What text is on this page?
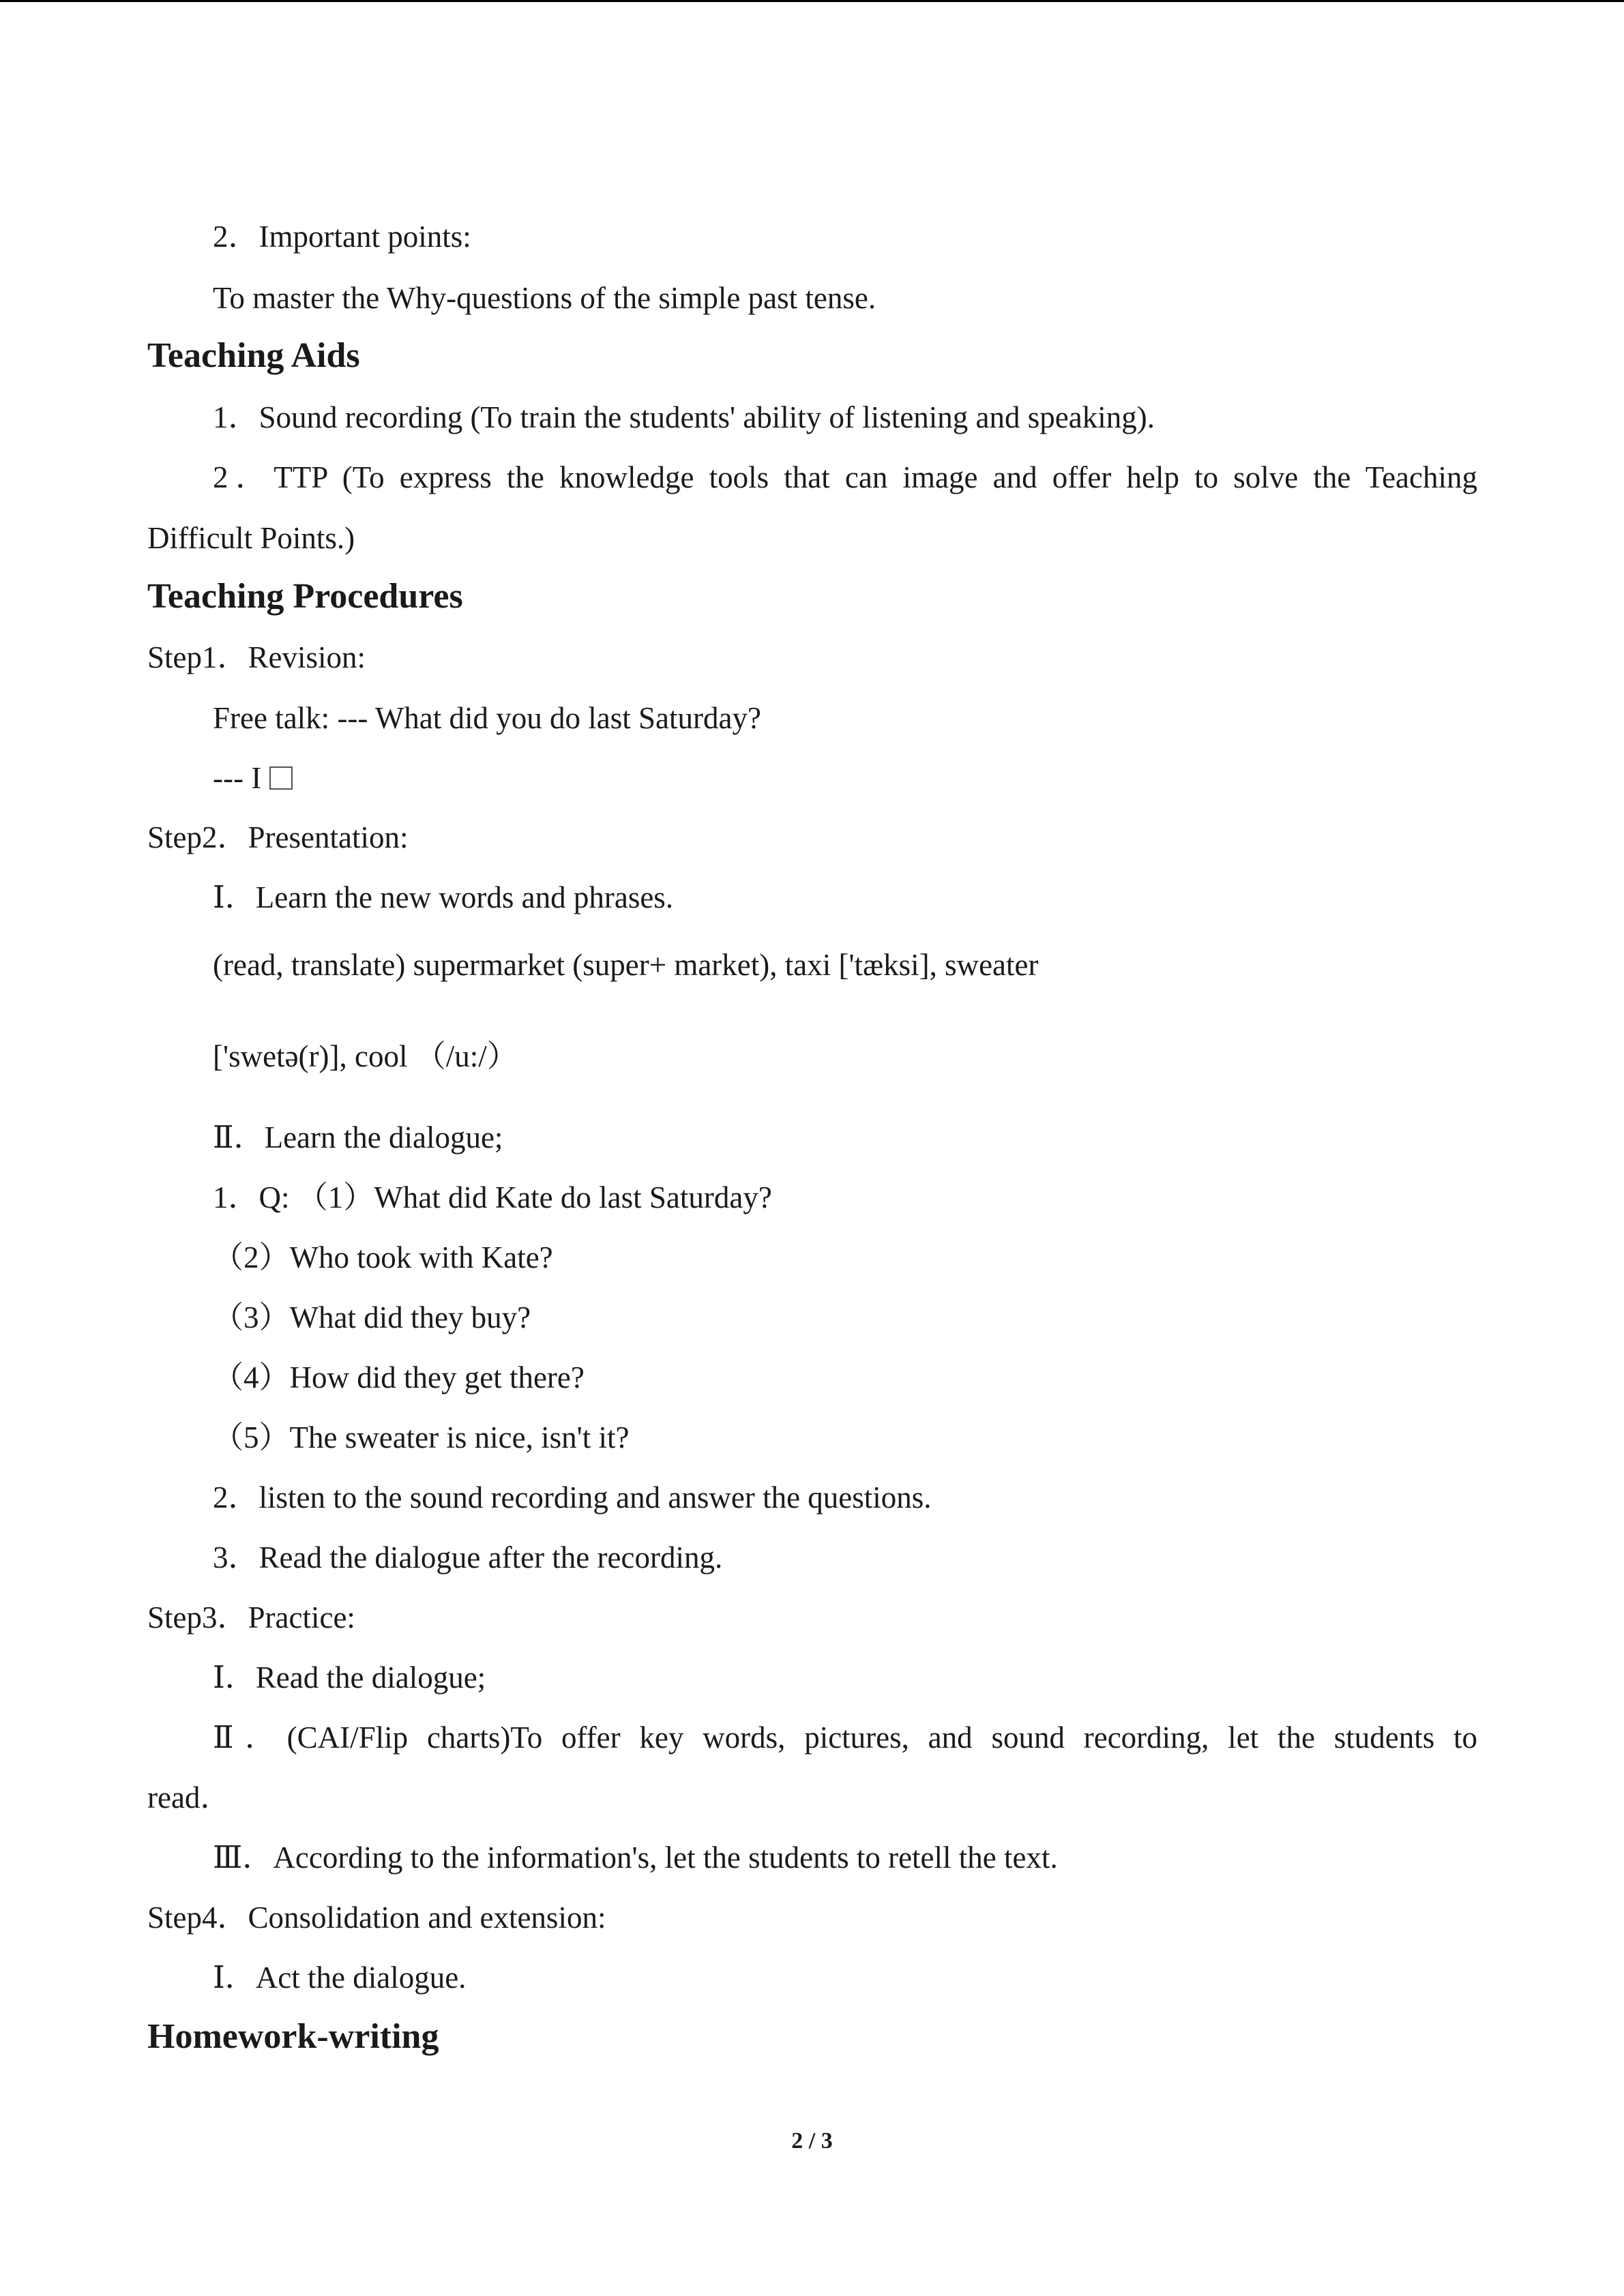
2．Important points:
To master the Why-questions of the simple past tense.
Teaching Aids
1．Sound recording (To train the students' ability of listening and speaking).
2．TTP (To express the knowledge tools that can image and offer help to solve the Teaching
Difficult Points.)
Teaching Procedures
Step1．Revision:
Free talk: --- What did you do last Saturday?
--- I
Step2．Presentation:
Ⅰ．Learn the new words and phrases.
(read, translate) supermarket (super+ market), taxi ['tæksi], sweater
['swetə(r)], cool （/u:/）
Ⅱ．Learn the dialogue;
1．Q: （1）What did Kate do last Saturday?
（2）Who took with Kate?
（3）What did they buy?
（4）How did they get there?
（5）The sweater is nice, isn't it?
2．listen to the sound recording and answer the questions.
3．Read the dialogue after the recording.
Step3．Practice:
Ⅰ．Read the dialogue;
Ⅱ．(CAI/Flip charts)To offer key words, pictures, and sound recording, let the students to
read．
Ⅲ．According to the information's, let the students to retell the text.
Step4．Consolidation and extension:
Ⅰ．Act the dialogue.
Homework-writing
2 / 3
